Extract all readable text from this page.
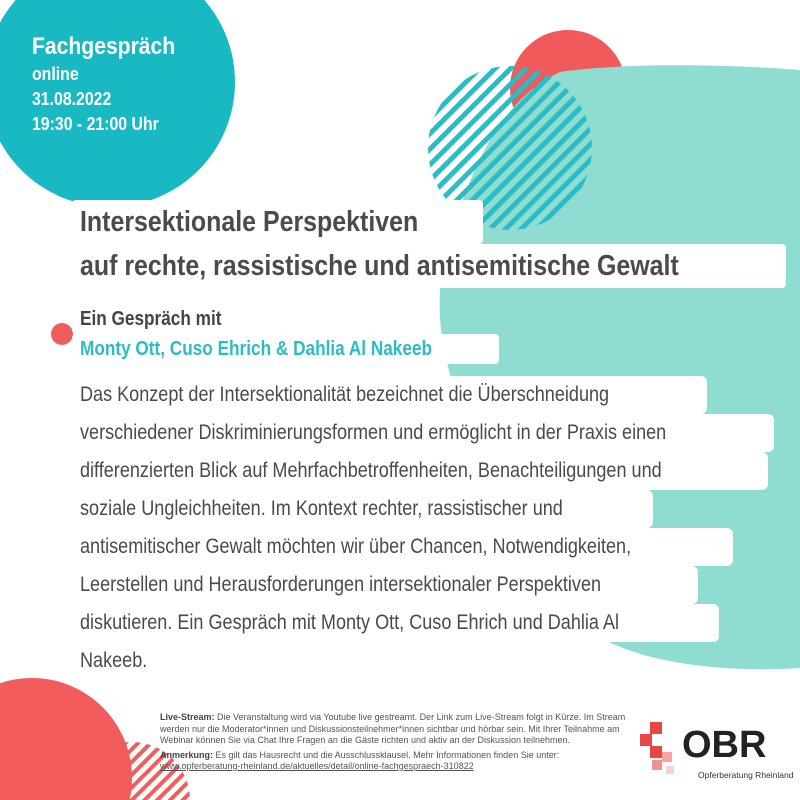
Fachgespräch
online
31.08.2022
19:30 - 21:00 Uhr
Intersektionale Perspektiven
auf rechte, rassistische und antisemitische Gewalt
Ein Gespräch mit
Monty Ott, Cuso Ehrich & Dahlia Al Nakeeb
Das Konzept der Intersektionalität bezeichnet die Überschneidung
verschiedener Diskriminierungsformen und ermöglicht in der Praxis einen
differenzierten Blick auf Mehrfachbetroffenheiten, Benachteiligungen und
soziale Ungleichheiten. Im Kontext rechter, rassistischer und
antisemitischer Gewalt möchten wir über Chancen, Notwendigkeiten,
Leerstellen und Herausforderungen intersektionaler Perspektiven
diskutieren. Ein Gespräch mit Monty Ott, Cuso Ehrich und Dahlia Al
Nakeeb.

Live-Stream: Die Veranstaltung wird via Youtube live gestreamt. Der Link zum Live-Stream folgt in Kürze. Im Stream werden nur die Moderator*innen und Diskussionsteilnehmer*innen sichtbar und hörbar sein. Mit Ihrer Teilnahme am Webinar können Sie via Chat Ihre Fragen an die Gäste richten und aktiv an der Diskussion teilnehmen.

Anmerkung: Es gilt das Hausrecht und die Ausschlussklausel. Mehr Informationen finden Sie unter:
www.opferberatung-rheinland.de/aktuelles/detail/online-fachgespraech-310822	OBR
Opferberatung Rheinland
